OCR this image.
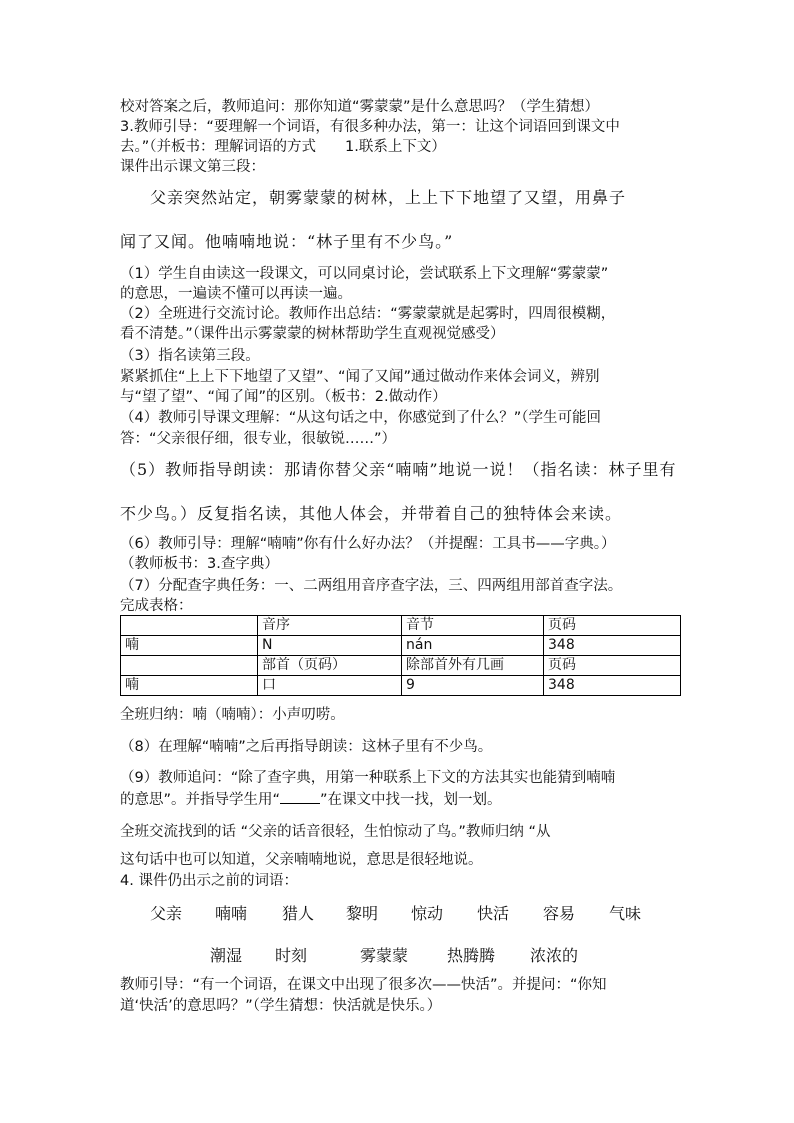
校对答案之后，教师追问：那你知道“雾蒙蒙”是什么意思吗？（学生猜想）
3.教师引导：“要理解一个词语，有很多种办法，第一：让这个词语回到课文中
去。”（并板书：理解词语的方式　　1.联系上下文）
课件出示课文第三段：
父亲突然站定，朝雾蒙蒙的树林，上上下下地望了又望，用鼻子
闻了又闻。他喃喃地说：“林子里有不少鸟。”
（1）学生自由读这一段课文，可以同桌讨论，尝试联系上下文理解“雾蒙蒙”
的意思，一遍读不懂可以再读一遍。
（2）全班进行交流讨论。教师作出总结：“雾蒙蒙就是起雾时，四周很模糊，
看不清楚。”（课件出示雾蒙蒙的树林帮助学生直观视觉感受）
（3）指名读第三段。
紧紧抓住“上上下下地望了又望”、“闻了又闻”通过做动作来体会词义，辨别
与“望了望”、“闻了闻”的区别。（板书：2.做动作）
（4）教师引导课文理解：“从这句话之中，你感觉到了什么？”（学生可能回
答：“父亲很仔细，很专业，很敏锐……”）
（5）教师指导朗读：那请你替父亲“喃喃”地说一说！（指名读：林子里有
不少鸟。）反复指名读，其他人体会，并带着自己的独特体会来读。
（6）教师引导：理解“喃喃”你有什么好办法？（并提醒：工具书——字典。）
（教师板书：3.查字典）
（7）分配查字典任务：一、二两组用音序查字法，三、四两组用部首查字法。
完成表格：
	音序	音节	页码
喃	N	nán	348
	部首（页码）	除部首外有几画	页码
喃	口	9	348
全班归纳：喃（喃喃）：小声叨唠。
（8）在理解“喃喃”之后再指导朗读：这林子里有不少鸟。
（9）教师追问：“除了查字典，用第一种联系上下文的方法其实也能猜到喃喃
的意思”。并指导学生用“	”在课文中找一找，划一划。
全班交流找到的话 “父亲的话音很轻，生怕惊动了鸟。”教师归纳 “从
这句话中也可以知道，父亲喃喃地说，意思是很轻地说。
4. 课件仍出示之前的词语：
父亲 喃喃 猎人 黎明 惊动 快活 容易 气味
潮湿 时刻	雾蒙蒙 热腾腾 浓浓的
教师引导：“有一个词语，在课文中出现了很多次——快活”。并提问：“你知
道‘快活’的意思吗？”（学生猜想：快活就是快乐。）
